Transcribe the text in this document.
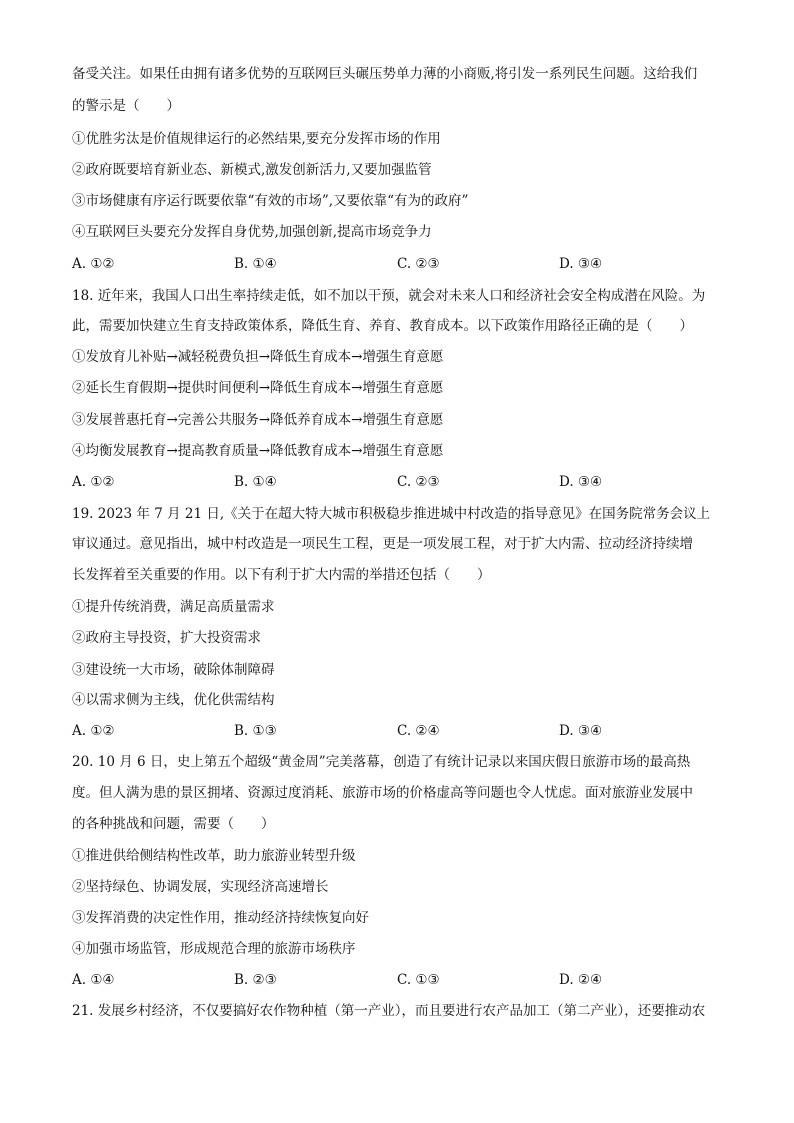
备受关注。如果任由拥有诸多优势的互联网巨头碾压势单力薄的小商贩,将引发一系列民生问题。这给我们
的警示是（　　）
①优胜劣汰是价值规律运行的必然结果,要充分发挥市场的作用
②政府既要培育新业态、新模式,激发创新活力,又要加强监管
③市场健康有序运行既要依靠“有效的市场”,又要依靠“有为的政府”
④互联网巨头要充分发挥自身优势,加强创新,提高市场竞争力
A. ①②	B. ①④	C. ②③	D. ③④
18. 近年来，我国人口出生率持续走低，如不加以干预，就会对未来人口和经济社会安全构成潜在风险。为
此，需要加快建立生育支持政策体系，降低生育、养育、教育成本。以下政策作用路径正确的是（　　）
①发放育儿补贴→减轻税费负担→降低生育成本→增强生育意愿
②延长生育假期→提供时间便利→降低生育成本→增强生育意愿
③发展普惠托育→完善公共服务→降低养育成本→增强生育意愿
④均衡发展教育→提高教育质量→降低教育成本→增强生育意愿
A. ①②	B. ①④	C. ②③	D. ③④
19. 2023 年 7 月 21 日,《关于在超大特大城市积极稳步推进城中村改造的指导意见》在国务院常务会议上
审议通过。意见指出，城中村改造是一项民生工程，更是一项发展工程，对于扩大内需、拉动经济持续增
长发挥着至关重要的作用。以下有利于扩大内需的举措还包括（　　）
①提升传统消费，满足高质量需求
②政府主导投资，扩大投资需求
③建设统一大市场，破除体制障碍
④以需求侧为主线，优化供需结构
A. ①②	B. ①③	C. ②④	D. ③④
20. 10 月 6 日，史上第五个超级“黄金周”完美落幕，创造了有统计记录以来国庆假日旅游市场的最高热
度。但人满为患的景区拥堵、资源过度消耗、旅游市场的价格虚高等问题也令人忧虑。面对旅游业发展中
的各种挑战和问题，需要（　　）
①推进供给侧结构性改革，助力旅游业转型升级
②坚持绿色、协调发展，实现经济高速增长
③发挥消费的决定性作用，推动经济持续恢复向好
④加强市场监管，形成规范合理的旅游市场秩序
A. ①④	B. ②③	C. ①③	D. ②④
21. 发展乡村经济，不仅要搞好农作物种植（第一产业），而且要进行农产品加工（第二产业），还要推动农
